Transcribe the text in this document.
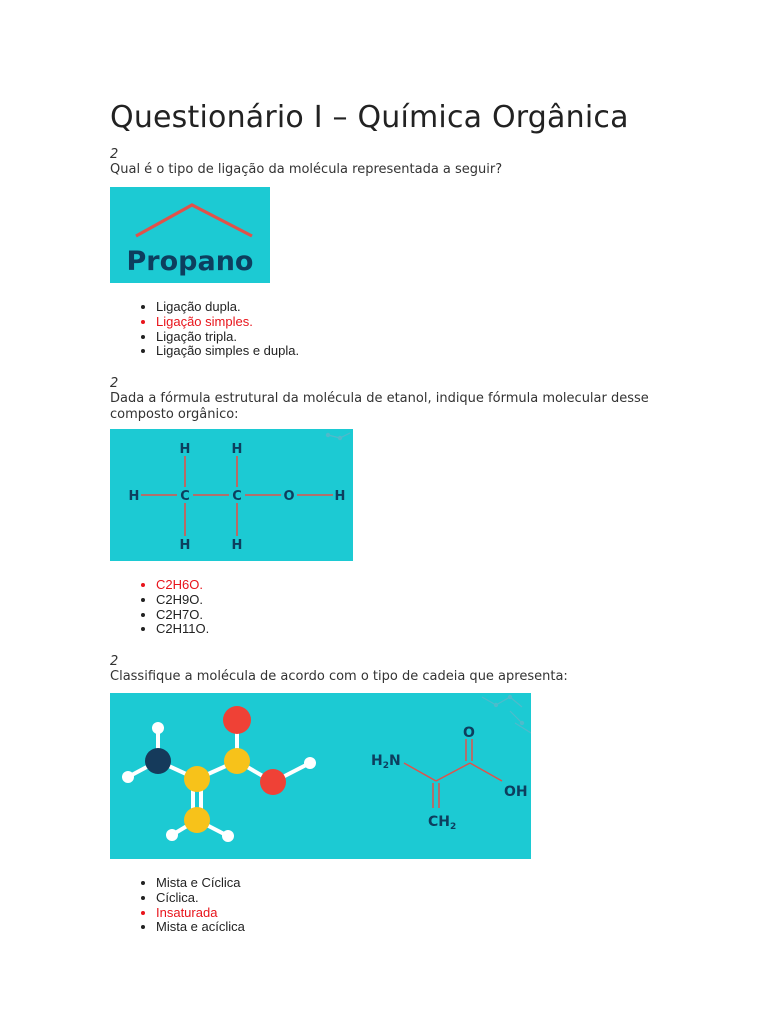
Questionário I – Química Orgânica
2
Qual é o tipo de ligação da molécula representada a seguir?
Propano
• Ligação dupla.
• Ligação simples.
• Ligação tripla.
• Ligação simples e dupla.
2
Dada a fórmula estrutural da molécula de etanol, indique fórmula molecular desse composto orgânico:
H	H
H	C	C	O	H
H	H
• C2H6O.
• C2H9O.
• C2H7O.
• C2H11O.
2
Classifique a molécula de acordo com o tipo de cadeia que apresenta:
$H_2N$
O
OH
$CH_2$
• Mista e Cíclica
• Cíclica.
• Insaturada
• Mista e acíclica
